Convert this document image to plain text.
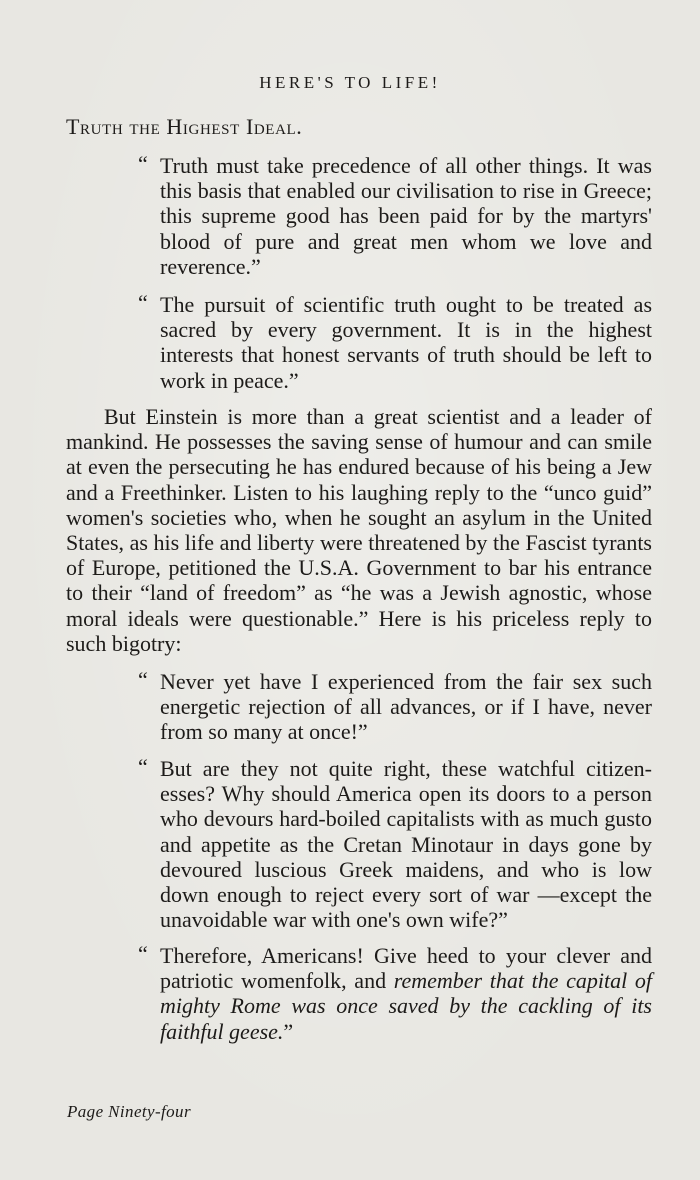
HERE'S TO LIFE!
Truth the Highest Ideal.
“ Truth must take precedence of all other things. It was this basis that enabled our civilisation to rise in Greece; this supreme good has been paid for by the martyrs' blood of pure and great men whom we love and reverence.”

“ The pursuit of scientific truth ought to be treated as sacred by every government. It is in the highest interests that honest servants of truth should be left to work in peace.”

But Einstein is more than a great scientist and a leader of mankind. He possesses the saving sense of humour and can smile at even the persecuting he has endured because of his being a Jew and a Freethinker. Listen to his laughing reply to the “unco guid” women's societies who, when he sought an asylum in the United States, as his life and liberty were threatened by the Fascist tyrants of Europe, petitioned the U.S.A. Government to bar his entrance to their “land of freedom” as “he was a Jewish agnostic, whose moral ideals were questionable.” Here is his priceless reply to such bigotry:

“ Never yet have I experienced from the fair sex such energetic rejection of all advances, or if I have, never from so many at once!”

“ But are they not quite right, these watchful citizen-esses? Why should America open its doors to a person who devours hard-boiled capitalists with as much gusto and appetite as the Cretan Minotaur in days gone by devoured luscious Greek maidens, and who is low down enough to reject every sort of war —except the unavoidable war with one's own wife?”

“ Therefore, Americans! Give heed to your clever and patriotic womenfolk, and remember that the capital of mighty Rome was once saved by the cackling of its faithful geese.”

Page Ninety-four
